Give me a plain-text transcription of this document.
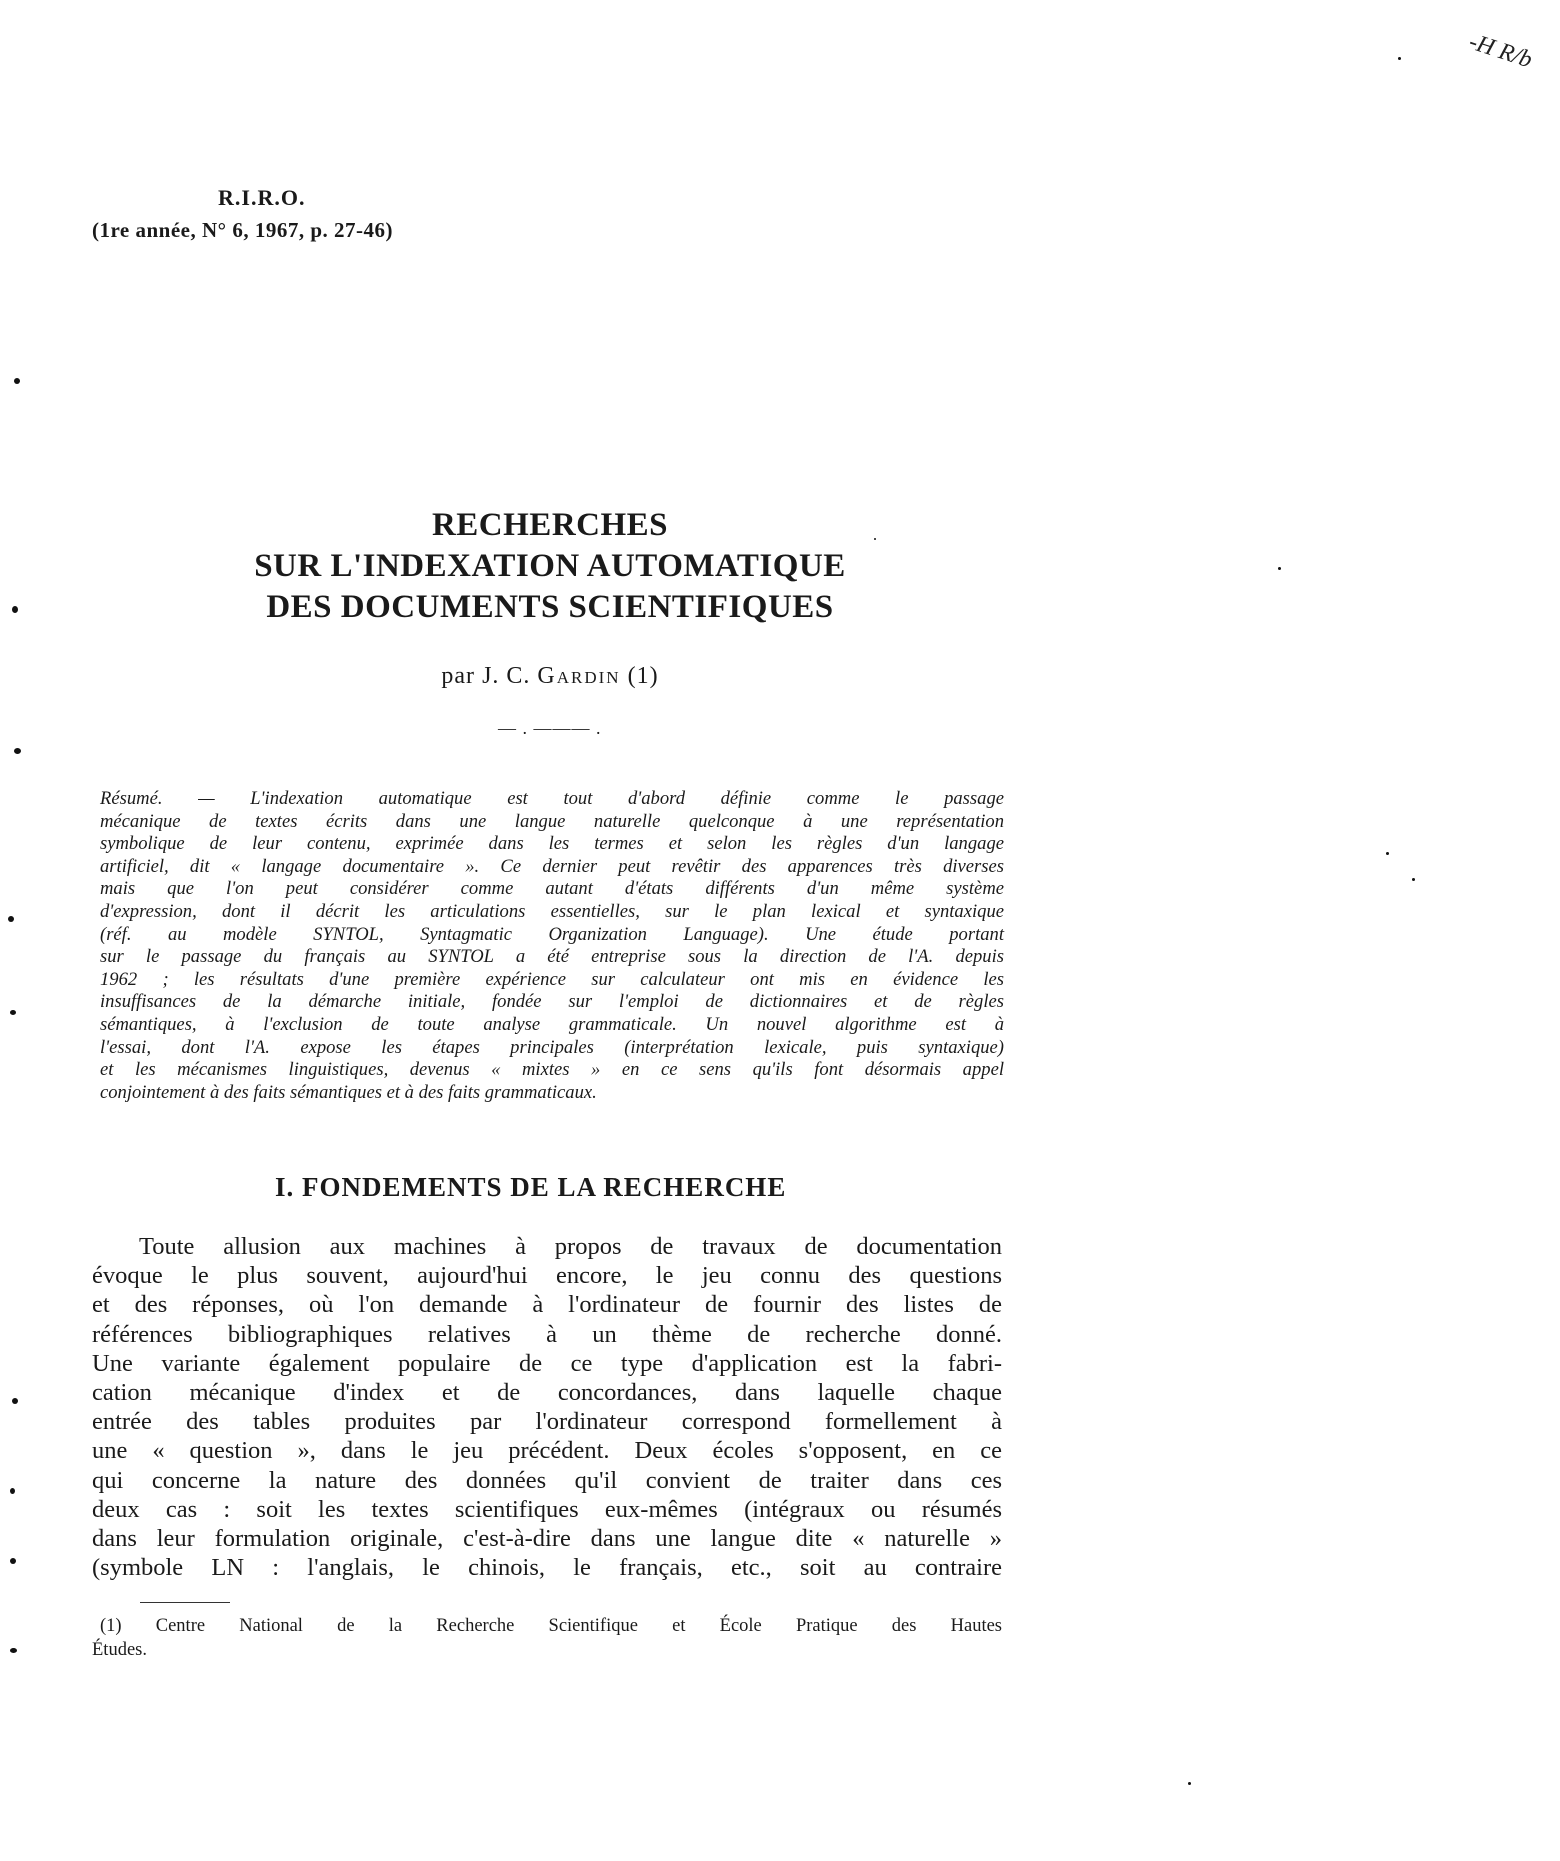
R.I.R.O.
(1re année, N° 6, 1967, p. 27-46)
-H R/b
RECHERCHES
SUR L'INDEXATION AUTOMATIQUE
DES DOCUMENTS SCIENTIFIQUES
par J. C. Gardin (1)
— . ——— .
Résumé. — L'indexation automatique est tout d'abord définie comme le passage
mécanique de textes écrits dans une langue naturelle quelconque à une représentation
symbolique de leur contenu, exprimée dans les termes et selon les règles d'un langage
artificiel, dit « langage documentaire ». Ce dernier peut revêtir des apparences très diverses
mais que l'on peut considérer comme autant d'états différents d'un même système
d'expression, dont il décrit les articulations essentielles, sur le plan lexical et syntaxique
(réf. au modèle SYNTOL, Syntagmatic Organization Language). Une étude portant
sur le passage du français au SYNTOL a été entreprise sous la direction de l'A. depuis
1962 ; les résultats d'une première expérience sur calculateur ont mis en évidence les
insuffisances de la démarche initiale, fondée sur l'emploi de dictionnaires et de règles
sémantiques, à l'exclusion de toute analyse grammaticale. Un nouvel algorithme est à
l'essai, dont l'A. expose les étapes principales (interprétation lexicale, puis syntaxique)
et les mécanismes linguistiques, devenus « mixtes » en ce sens qu'ils font désormais appel
conjointement à des faits sémantiques et à des faits grammaticaux.
I. FONDEMENTS DE LA RECHERCHE
Toute allusion aux machines à propos de travaux de documentation
évoque le plus souvent, aujourd'hui encore, le jeu connu des questions
et des réponses, où l'on demande à l'ordinateur de fournir des listes de
références bibliographiques relatives à un thème de recherche donné.
Une variante également populaire de ce type d'application est la fabri-
cation mécanique d'index et de concordances, dans laquelle chaque
entrée des tables produites par l'ordinateur correspond formellement à
une « question », dans le jeu précédent. Deux écoles s'opposent, en ce
qui concerne la nature des données qu'il convient de traiter dans ces
deux cas : soit les textes scientifiques eux-mêmes (intégraux ou résumés
dans leur formulation originale, c'est-à-dire dans une langue dite « naturelle »
(symbole LN : l'anglais, le chinois, le français, etc., soit au contraire
(1) Centre National de la Recherche Scientifique et École Pratique des Hautes
Études.
